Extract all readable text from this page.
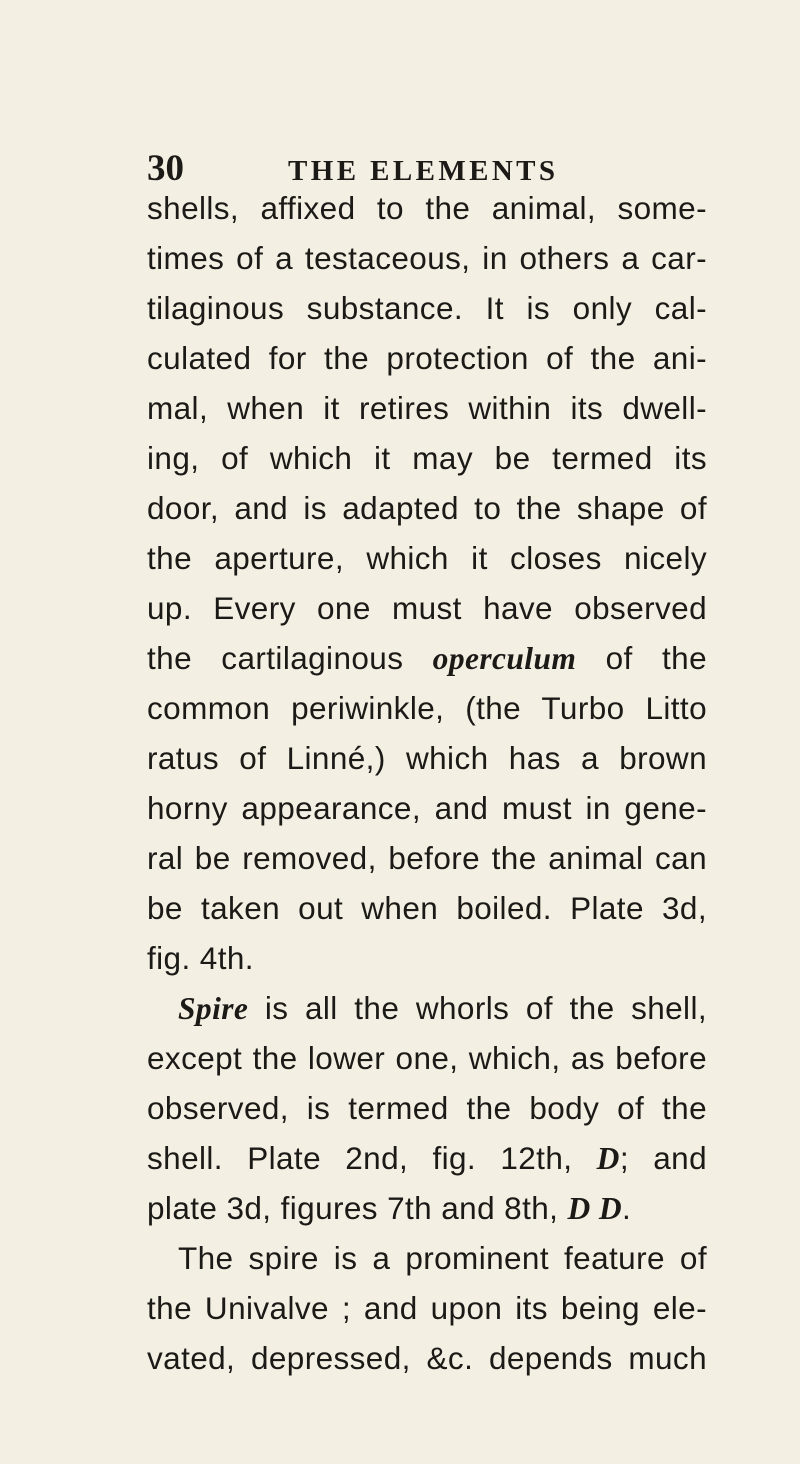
30	THE ELEMENTS
shells, affixed to the animal, some-
times of a testaceous, in others a car-
tilaginous substance. It is only cal-
culated for the protection of the ani-
mal, when it retires within its dwell-
ing, of which it may be termed its
door, and is adapted to the shape of
the aperture, which it closes nicely
up. Every one must have observed
the cartilaginous operculum of the
common periwinkle, (the Turbo Litto
ratus of Linné,) which has a brown
horny appearance, and must in gene-
ral be removed, before the animal can
be taken out when boiled. Plate 3d,
fig. 4th.
Spire is all the whorls of the shell,
except the lower one, which, as before
observed, is termed the body of the
shell. Plate 2nd, fig. 12th, D; and
plate 3d, figures 7th and 8th, D D.
The spire is a prominent feature of
the Univalve ; and upon its being ele-
vated, depressed, &c. depends much
